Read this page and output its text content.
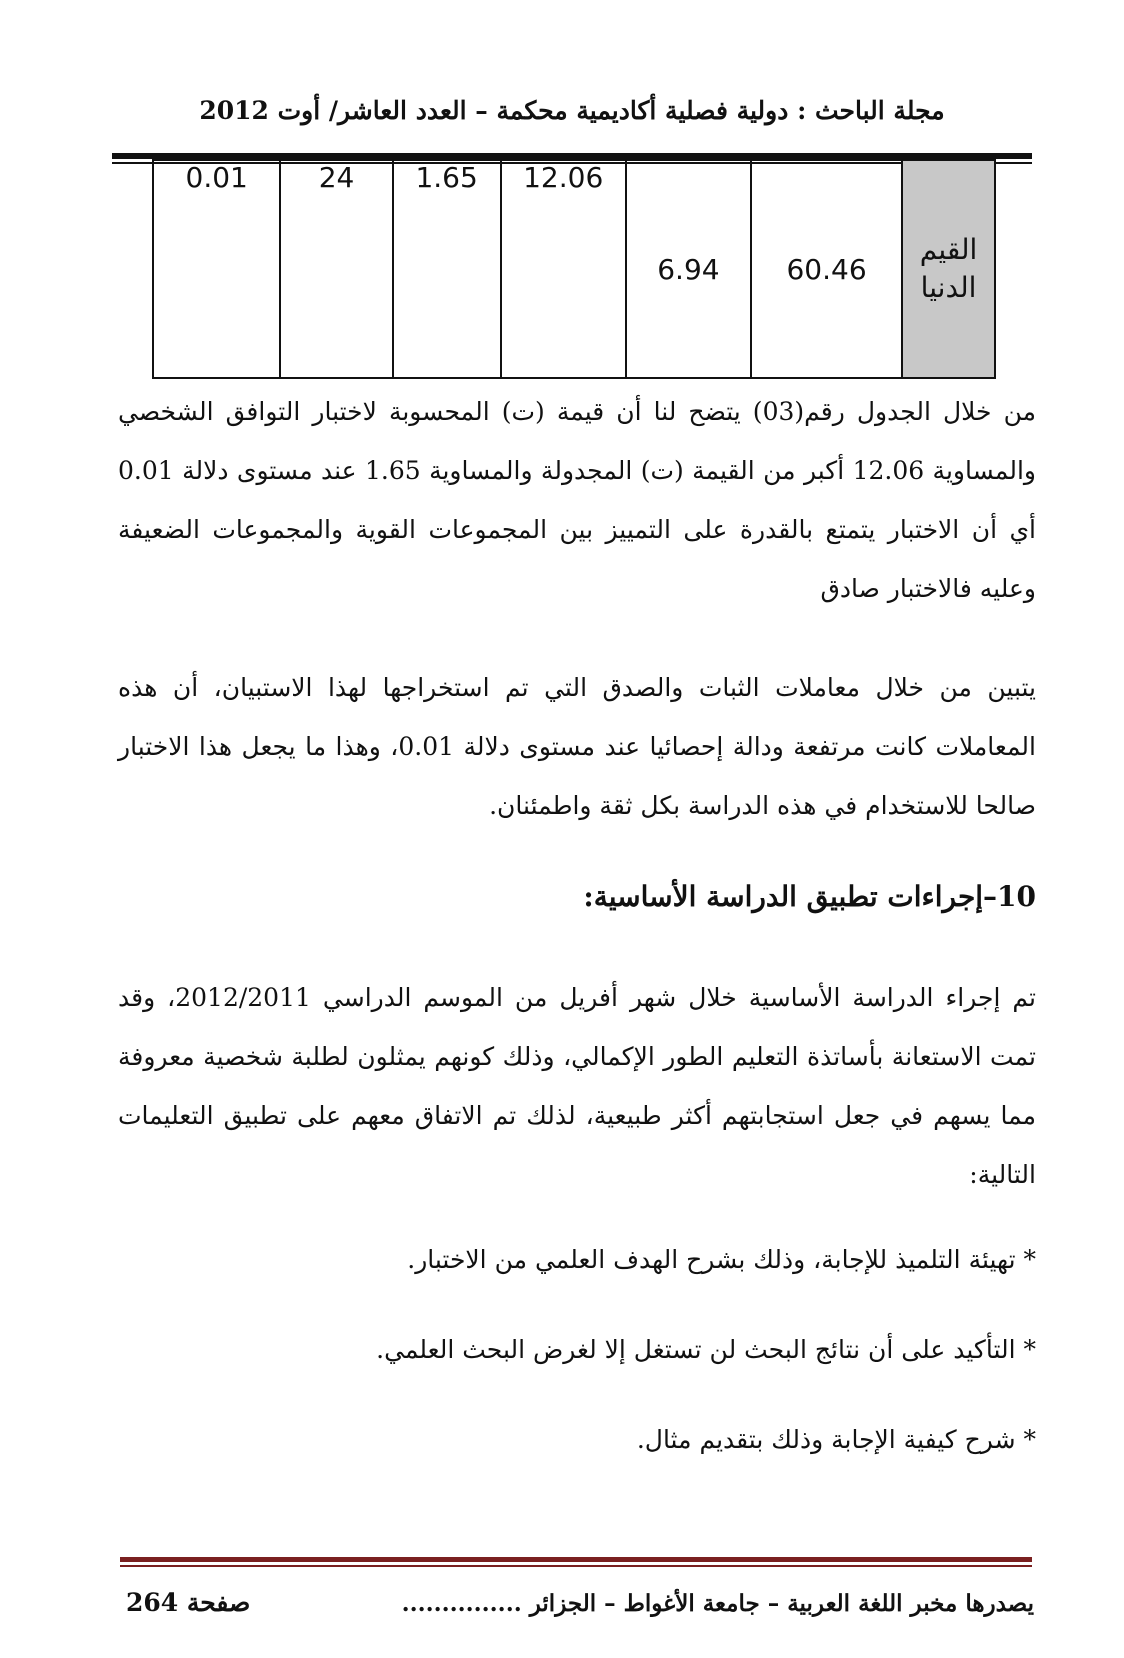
مجلة الباحث : دولية فصلية أكاديمية محكمة – العدد العاشر/ أوت 2012
0.01	24	1.65	12.06	6.94	60.46	القيم الدنيا
من خلال الجدول رقم(03) يتضح لنا أن قيمة (ت) المحسوبة لاختبار التوافق الشخصي والمساوية 12.06 أكبر من القيمة (ت) المجدولة والمساوية 1.65 عند مستوى دلالة 0.01 أي أن الاختبار يتمتع بالقدرة على التمييز بين المجموعات القوية والمجموعات الضعيفة وعليه فالاختبار صادق
يتبين من خلال معاملات الثبات والصدق التي تم استخراجها لهذا الاستبيان، أن هذه المعاملات كانت مرتفعة ودالة إحصائيا عند مستوى دلالة 0.01، وهذا ما يجعل هذا الاختبار صالحا للاستخدام في هذه الدراسة بكل ثقة واطمئنان.
10–إجراءات تطبيق الدراسة الأساسية:
تم إجراء الدراسة الأساسية خلال شهر أفريل من الموسم الدراسي 2012/2011، وقد تمت الاستعانة بأساتذة التعليم الطور الإكمالي، وذلك كونهم يمثلون لطلبة شخصية معروفة مما يسهم في جعل استجابتهم أكثر طبيعية، لذلك تم الاتفاق معهم على تطبيق التعليمات التالية:
* تهيئة التلميذ للإجابة، وذلك بشرح الهدف العلمي من الاختبار.
* التأكيد على أن نتائج البحث لن تستغل إلا لغرض البحث العلمي.
* شرح كيفية الإجابة وذلك بتقديم مثال.
يصدرها مخبر اللغة العربية – جامعة الأغواط – الجزائر ...............
صفحة 264
